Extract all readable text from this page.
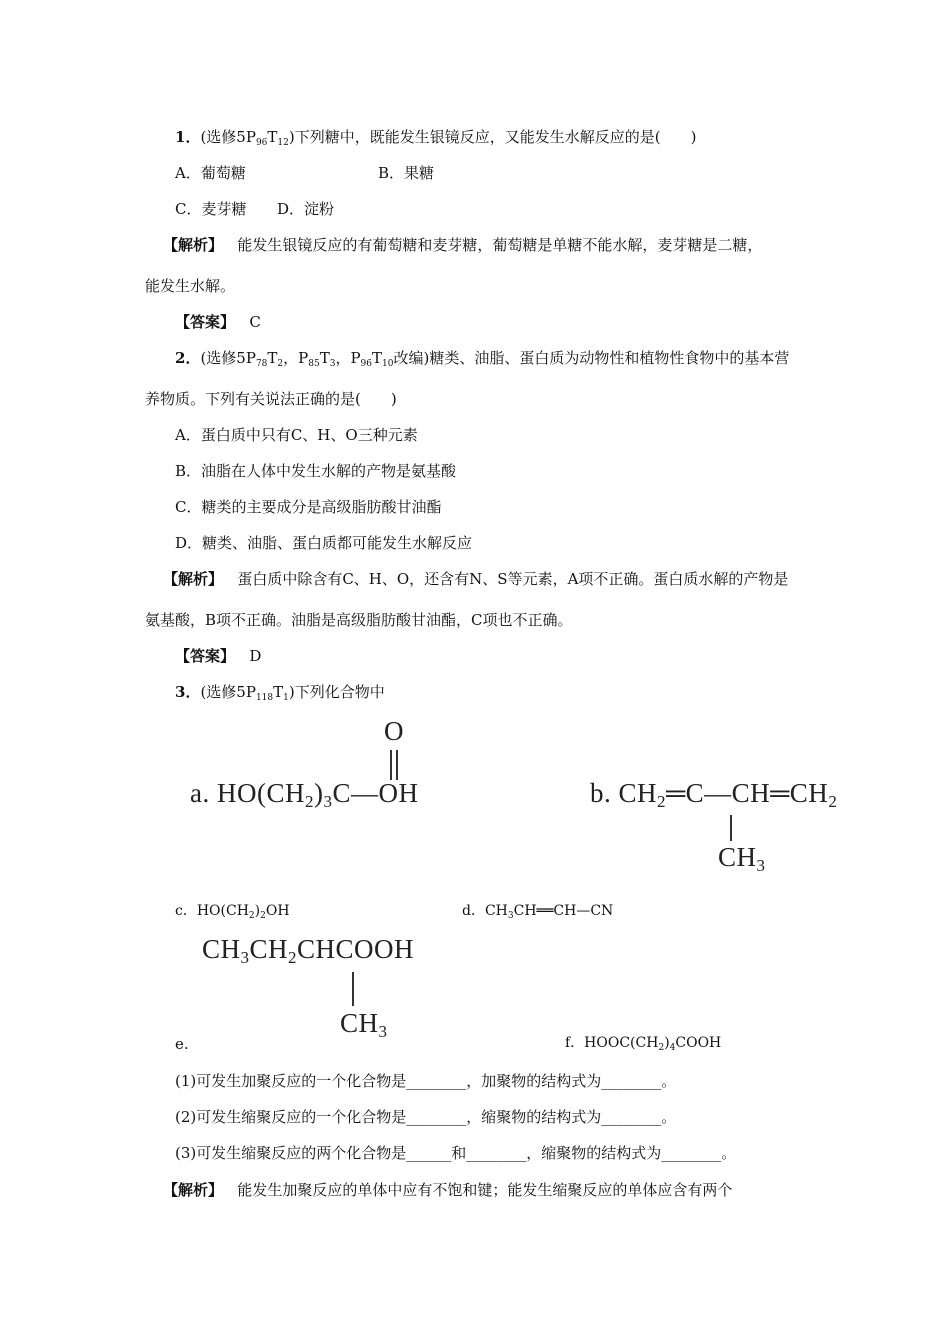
1．(选修$5P_{96}T_{12}$)下列糖中，既能发生银镜反应，又能发生水解反应的是(　　)
A．葡萄糖	B．果糖
C．麦芽糖 D．淀粉
【解析】 能发生银镜反应的有葡萄糖和麦芽糖，葡萄糖是单糖不能水解，麦芽糖是二糖，
能发生水解。
【答案】 C
2．(选修$5P_{78}T_2$，$P_{85}T_3$，$P_{96}T_{10}$改编)糖类、油脂、蛋白质为动物性和植物性食物中的基本营
养物质。下列有关说法正确的是(　　)
A．蛋白质中只有C、H、O三种元素
B．油脂在人体中发生水解的产物是氨基酸
C．糖类的主要成分是高级脂肪酸甘油酯
D．糖类、油脂、蛋白质都可能发生水解反应
【解析】 蛋白质中除含有C、H、O，还含有N、S等元素，A项不正确。蛋白质水解的产物是
氨基酸，B项不正确。油脂是高级脂肪酸甘油酯，C项也不正确。
【答案】 D
3．(选修$5P_{118}T_1$)下列化合物中
O
a. HO(CH2)3C—OH	b. CH2═C—CH═CH2
CH3
c．$HO(CH_2)_2OH$	d．$CH_3CH══CH—CN$
CH3CH2CHCOOH
CH3
e.	f．$HOOC(CH_2)_4COOH$
(1)可发生加聚反应的一个化合物是________，加聚物的结构式为________。
(2)可发生缩聚反应的一个化合物是________，缩聚物的结构式为________。
(3)可发生缩聚反应的两个化合物是______和________，缩聚物的结构式为________。
【解析】 能发生加聚反应的单体中应有不饱和键；能发生缩聚反应的单体应含有两个
